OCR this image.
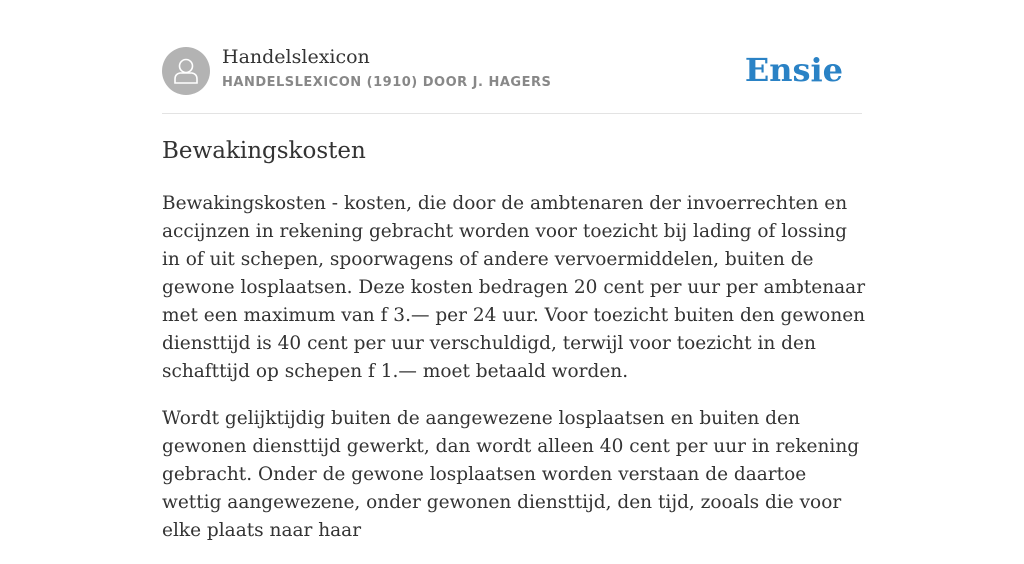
Handelslexicon
HANDELSLEXICON (1910) DOOR J. HAGERS	Ensie
Bewakingskosten

Bewakingskosten - kosten, die door de ambtenaren der invoerrechten en accijnzen in rekening gebracht worden voor toezicht bij lading of lossing in of uit schepen, spoorwagens of andere vervoermiddelen, buiten de gewone losplaatsen. Deze kosten bedragen 20 cent per uur per ambtenaar met een maximum van f 3.— per 24 uur. Voor toezicht buiten den gewonen diensttijd is 40 cent per uur verschuldigd, terwijl voor toezicht in den schafttijd op schepen f 1.— moet betaald worden.

Wordt gelijktijdig buiten de aangewezene losplaatsen en buiten den gewonen diensttijd gewerkt, dan wordt alleen 40 cent per uur in rekening gebracht. Onder de gewone losplaatsen worden verstaan de daartoe wettig aangewezene, onder gewonen diensttijd, den tijd, zooals die voor elke plaats naar haar
